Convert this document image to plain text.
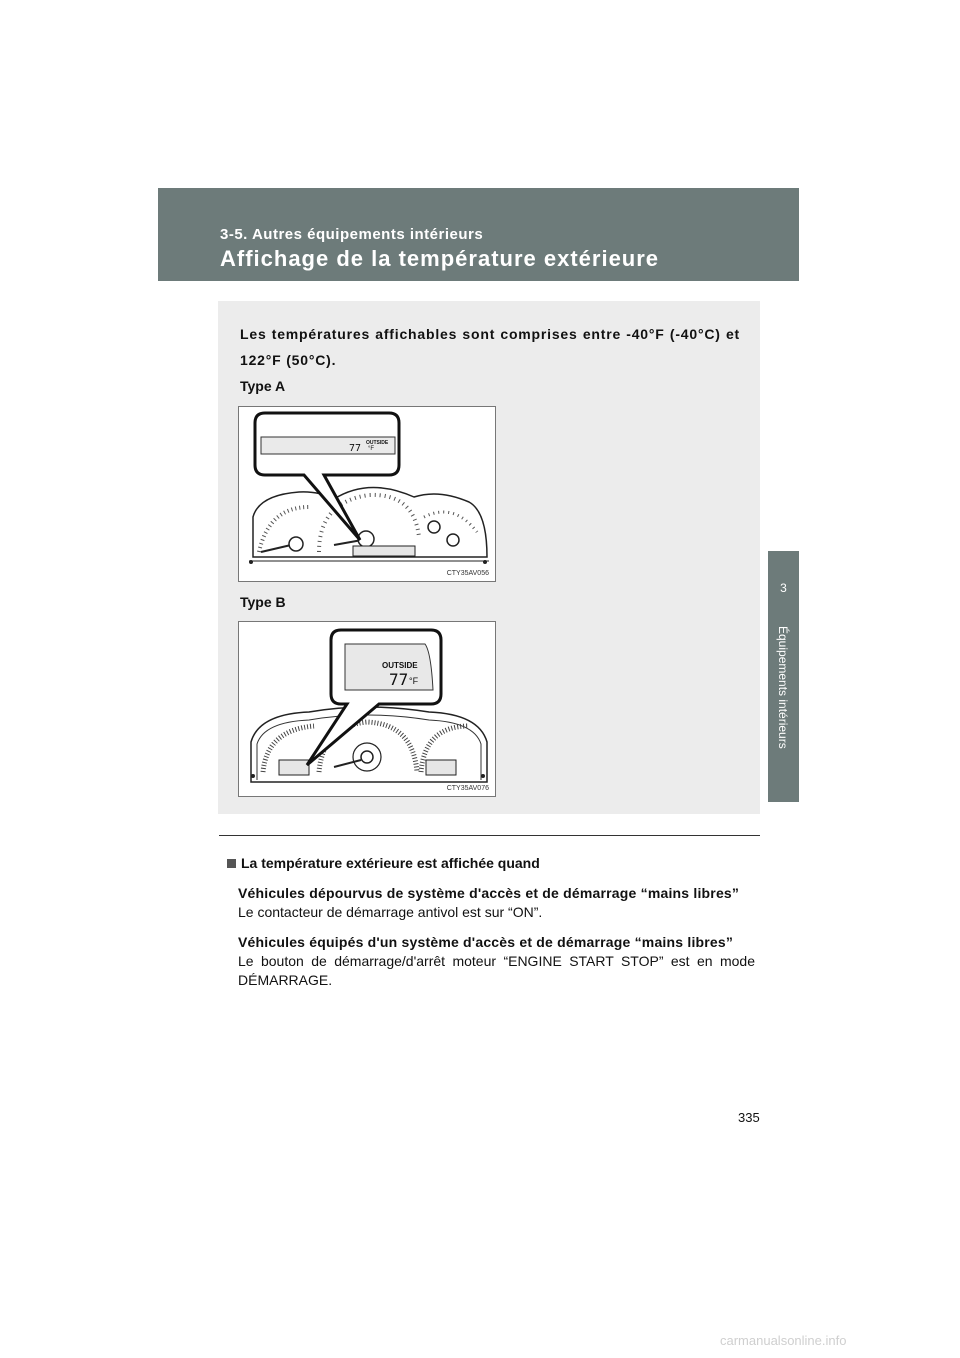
3-5. Autres équipements intérieurs
Affichage de la température extérieure
3
Équipements intérieurs
Les températures affichables sont comprises entre -40°F (-40°C) et 122°F (50°C).
Type A
77 OUTSIDE
°F
CTY35AV056
Type B
OUTSIDE
77 °F
CTY35AV076
La température extérieure est affichée quand
Véhicules dépourvus de système d'accès et de démarrage “mains libres”
Le contacteur de démarrage antivol est sur “ON”.
Véhicules équipés d'un système d'accès et de démarrage “mains libres”
Le bouton de démarrage/d'arrêt moteur “ENGINE START STOP” est en mode DÉMARRAGE.
335
carmanualsonline.info
